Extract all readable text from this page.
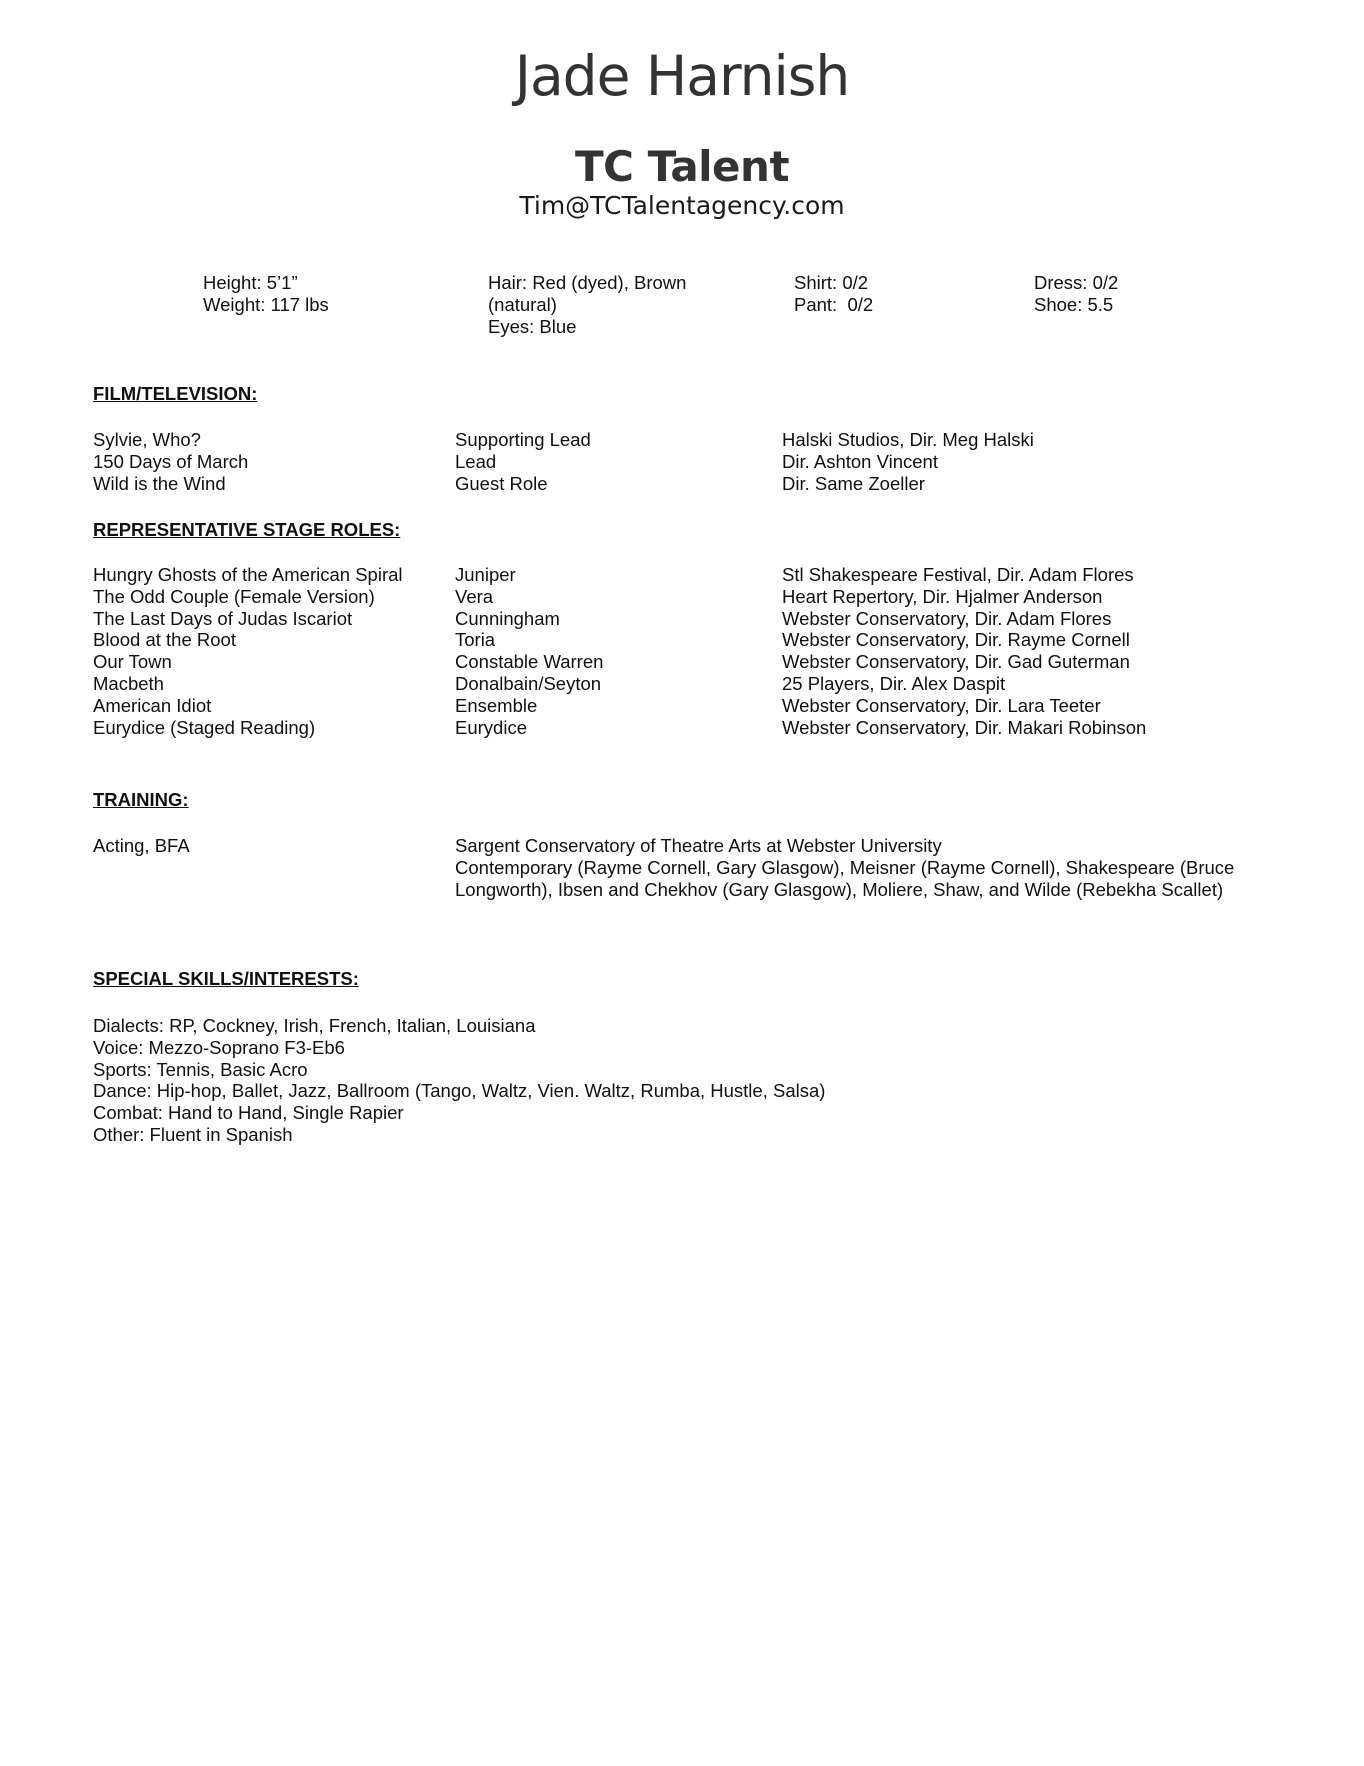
Jade Harnish
TC Talent
Tim@TCTalentagency.com
Height: 5’1”
Weight: 117 lbs
Hair: Red (dyed), Brown
(natural)
Eyes: Blue
Shirt: 0/2
Pant:  0/2
Dress: 0/2
Shoe: 5.5
FILM/TELEVISION:
Sylvie, Who?	Supporting Lead	Halski Studios, Dir. Meg Halski
150 Days of March	Lead	Dir. Ashton Vincent
Wild is the Wind	Guest Role	Dir. Same Zoeller
REPRESENTATIVE STAGE ROLES:
Hungry Ghosts of the American Spiral	Juniper	Stl Shakespeare Festival, Dir. Adam Flores
The Odd Couple (Female Version)	Vera	Heart Repertory, Dir. Hjalmer Anderson
The Last Days of Judas Iscariot	Cunningham	Webster Conservatory, Dir. Adam Flores
Blood at the Root	Toria	Webster Conservatory, Dir. Rayme Cornell
Our Town	Constable Warren	Webster Conservatory, Dir. Gad Guterman
Macbeth	Donalbain/Seyton	25 Players, Dir. Alex Daspit
American Idiot	Ensemble	Webster Conservatory, Dir. Lara Teeter
Eurydice (Staged Reading)	Eurydice	Webster Conservatory, Dir. Makari Robinson
TRAINING:
Acting, BFA	Sargent Conservatory of Theatre Arts at Webster University
Contemporary (Rayme Cornell, Gary Glasgow), Meisner (Rayme Cornell), Shakespeare (Bruce Longworth), Ibsen and Chekhov (Gary Glasgow), Moliere, Shaw, and Wilde (Rebekha Scallet)
SPECIAL SKILLS/INTERESTS:
Dialects: RP, Cockney, Irish, French, Italian, Louisiana
Voice: Mezzo-Soprano F3-Eb6
Sports: Tennis, Basic Acro
Dance: Hip-hop, Ballet, Jazz, Ballroom (Tango, Waltz, Vien. Waltz, Rumba, Hustle, Salsa)
Combat: Hand to Hand, Single Rapier
Other: Fluent in Spanish
